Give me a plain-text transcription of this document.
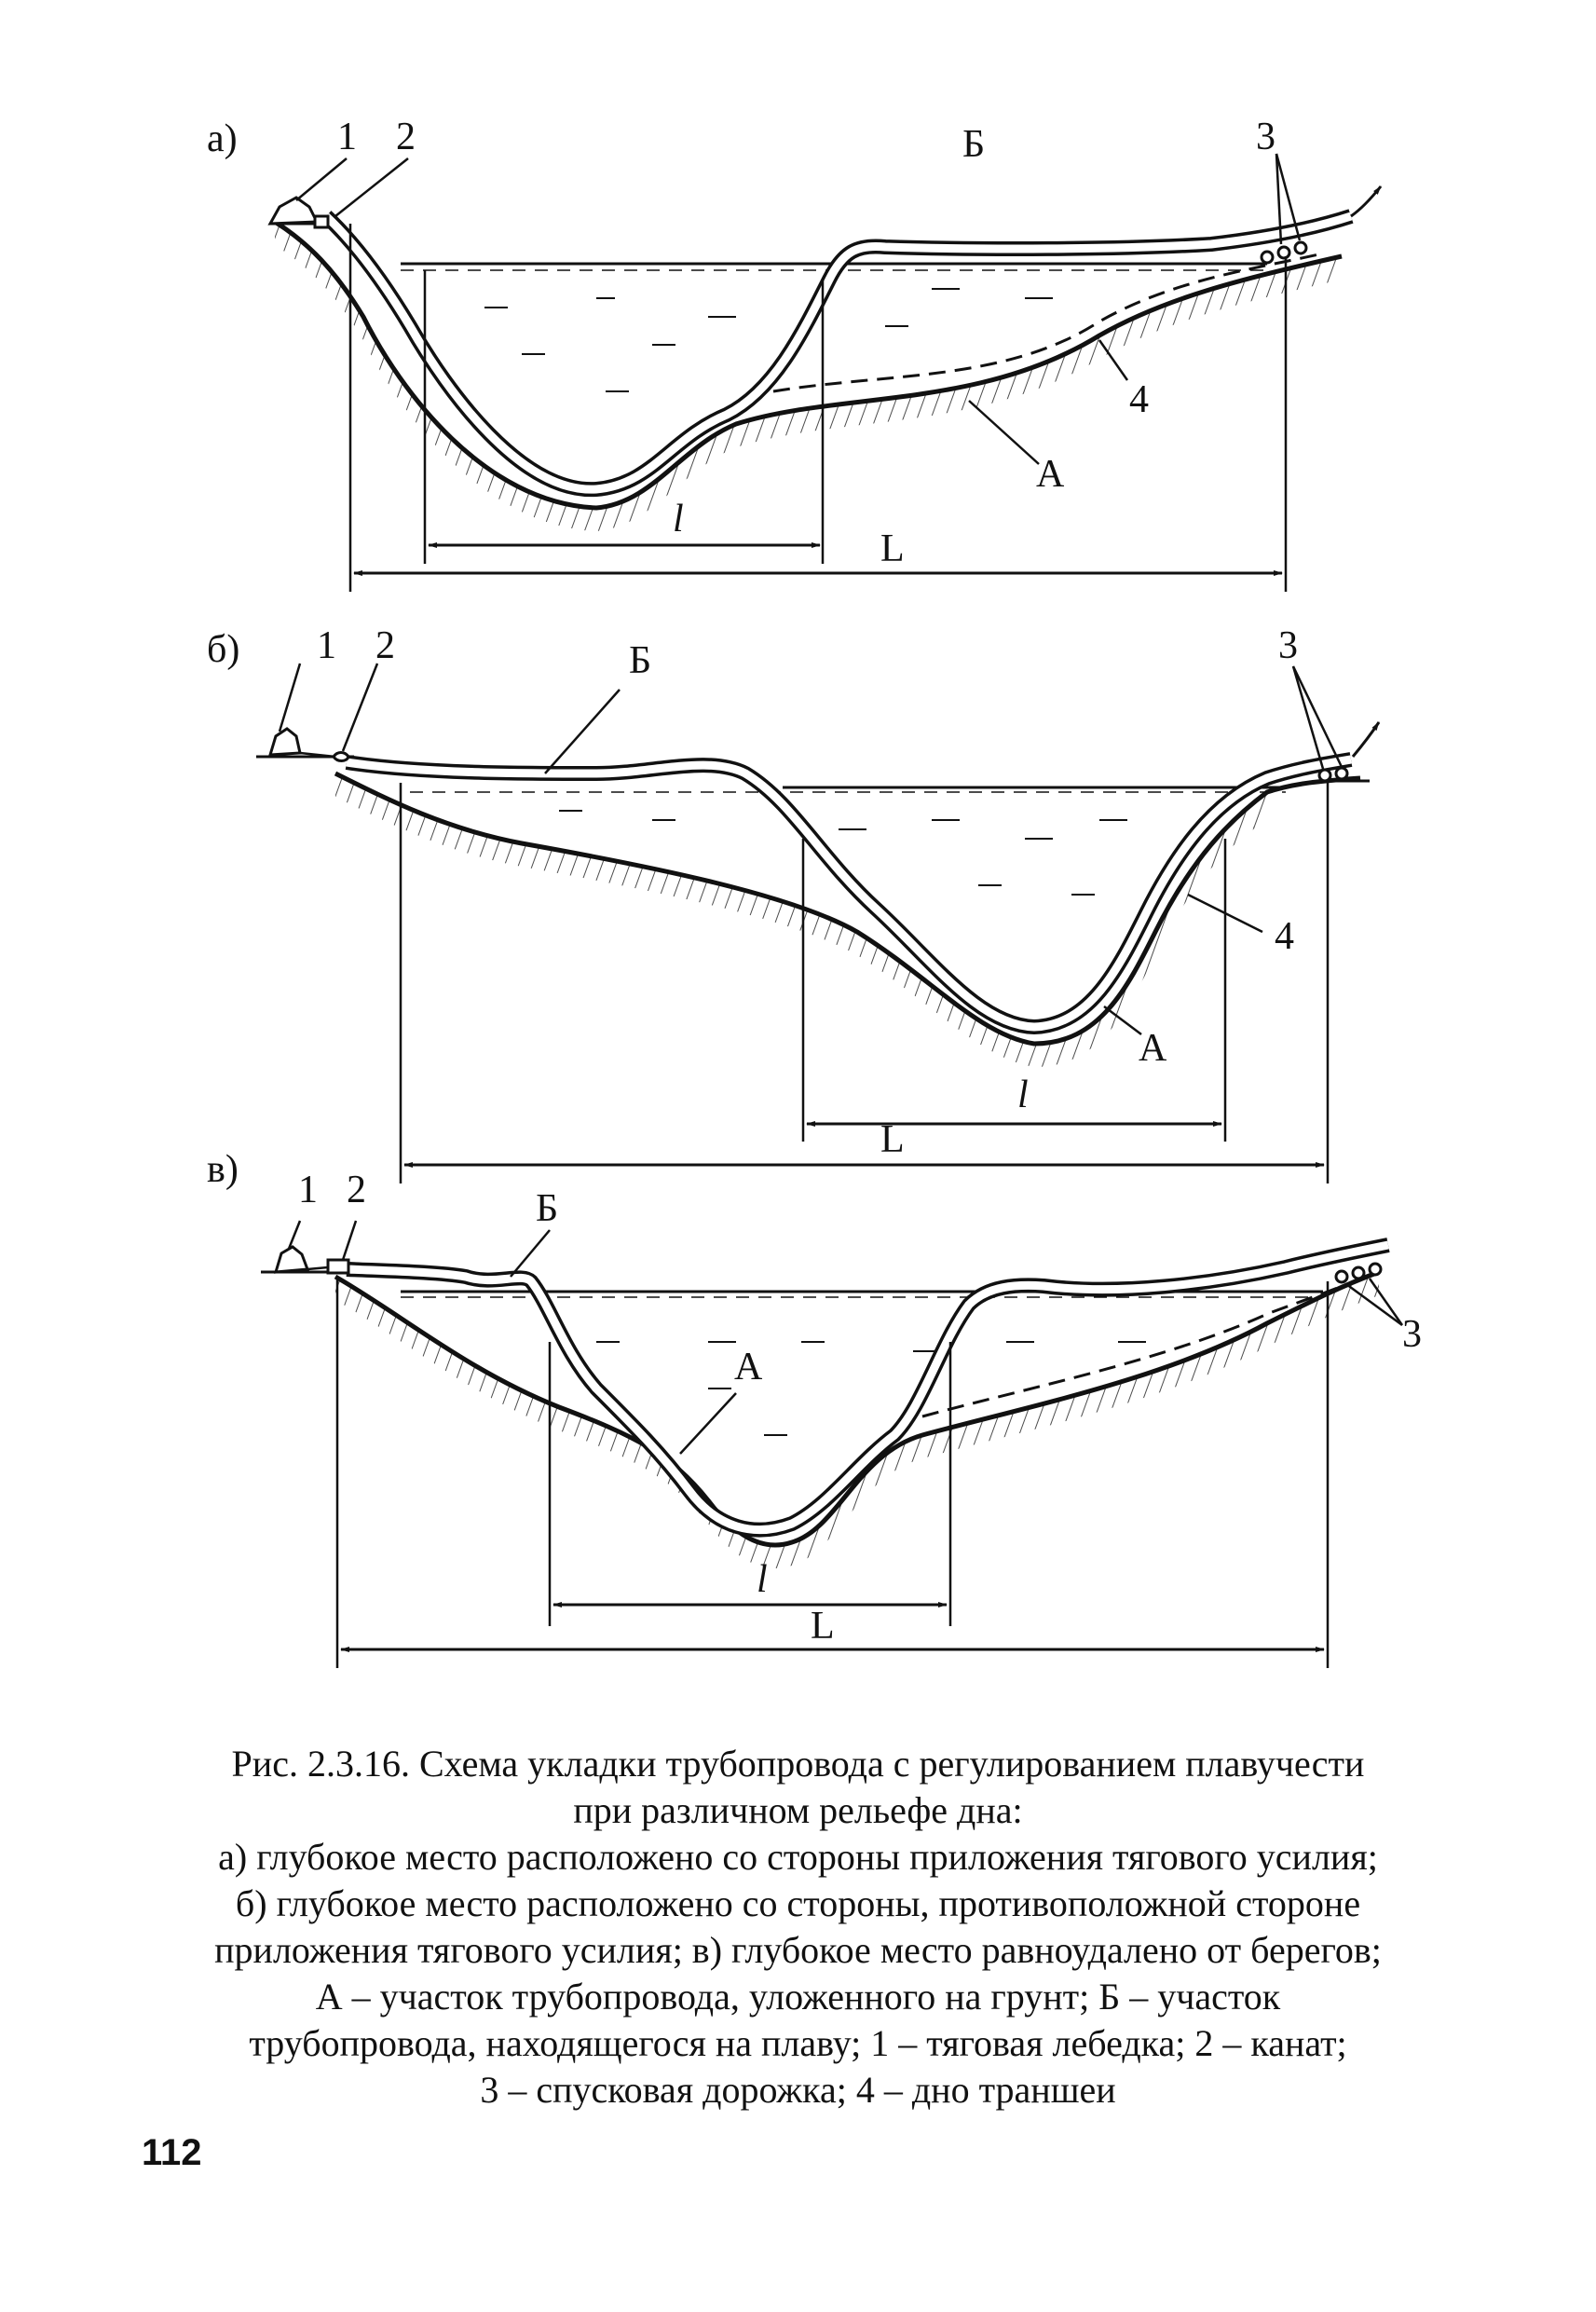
а)	1 2	Б	3
4
А
l
L
б) 1 2	Б	3
4
А
l
L
в) 1 2	Б
3
А
l
L
Рис. 2.3.16. Схема укладки трубопровода с регулированием плавучести
при различном рельефе дна:
а) глубокое место расположено со стороны приложения тягового усилия;
б) глубокое место расположено со стороны, противоположной стороне
приложения тягового усилия; в) глубокое место равноудалено от берегов;
А – участок трубопровода, уложенного на грунт; Б – участок
трубопровода, находящегося на плаву; 1 – тяговая лебедка; 2 – канат;
3 – спусковая дорожка; 4 – дно траншеи
112
